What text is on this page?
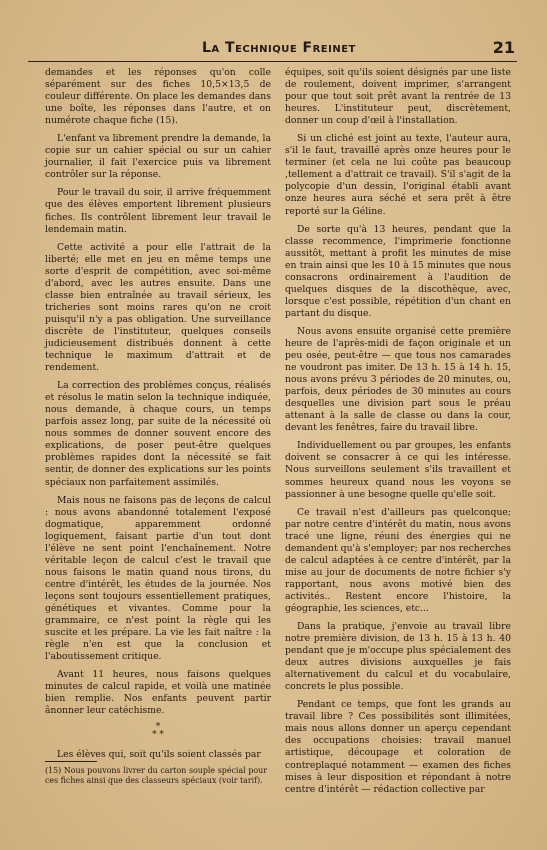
La Technique Freinet	21

demandes et les réponses qu'on colle séparément sur des fiches 10,5×13,5 de couleur différente. On place les demandes dans une boîte, les réponses dans l'autre, et on numérote chaque fiche (15).

L'enfant va librement prendre la demande, la copie sur un cahier spécial ou sur un cahier journalier, il fait l'exercice puis va librement contrôler sur la réponse.

Pour le travail du soir, il arrive fréquemment que des élèves emportent librement plusieurs fiches. Ils contrôlent librement leur travail le lendemain matin.

Cette activité a pour elle l'attrait de la liberté; elle met en jeu en même temps une sorte d'esprit de compétition, avec soi-même d'abord, avec les autres ensuite. Dans une classe bien entraînée au travail sérieux, les tricheries sont moins rares qu'on ne croit puisqu'il n'y a pas obligation. Une surveillance discrète de l'instituteur, quelques conseils judicieusement distribués donnent à cette technique le maximum d'attrait et de rendement.

La correction des problèmes conçus, réalisés et résolus le matin selon la technique indiquée, nous demande, à chaque cours, un temps parfois assez long, par suite de la nécessité où nous sommes de donner souvent encore des explications, de poser peut-être quelques problèmes rapides dont la nécessité se fait sentir, de donner des explications sur les points spéciaux non parfaitement assimilés.

Mais nous ne faisons pas de leçons de calcul : nous avons abandonné totalement l'exposé dogmatique, apparemment ordonné logiquement, faisant partie d'un tout dont l'élève ne sent point l'enchaînement. Notre véritable leçon de calcul c'est le travail que nous faisons le matin quand nous tirons, du centre d'intérêt, les études de la journée. Nos leçons sont toujours essentiellement pratiques, génétiques et vivantes. Comme pour la grammaire, ce n'est point la règle qui les suscite et les prépare. La vie les fait naître : la règle n'en est que la conclusion et l'aboutissement critique.

Avant 11 heures, nous faisons quelques minutes de calcul rapide, et voilà une matinée bien remplie. Nos enfants peuvent partir ânonner leur catéchisme.

*
* *

Les élèves qui, soit qu'ils soient classés par

équipes, soit qu'ils soient désignés par une liste de roulement, doivent imprimer, s'arrangent pour que tout soit prêt avant la rentrée de 13 heures. L'instituteur peut, discrètement, donner un coup d'œil à l'installation.

Si un cliché est joint au texte, l'auteur aura, s'il le faut, travaillé après onze heures pour le terminer (et cela ne lui coûte pas beaucoup ,tellement a d'attrait ce travail). S'il s'agit de la polycopie d'un dessin, l'original établi avant onze heures aura séché et sera prêt à être reporté sur la Géline.

De sorte qu'à 13 heures, pendant que la classe recommence, l'imprimerie fonctionne aussitôt, mettant à profit les minutes de mise en train ainsi que les 10 à 15 minutes que nous consacrons ordinairement à l'audition de quelques disques de la discothèque, avec, lorsque c'est possible, répétition d'un chant en partant du disque.

Nous avons ensuite organisé cette première heure de l'après-midi de façon originale et un peu osée, peut-être — que tous nos camarades ne voudront pas imiter. De 13 h. 15 à 14 h. 15, nous avons prévu 3 périodes de 20 minutes, ou, parfois, deux périodes de 30 minutes au cours desquelles une division part sous le préau attenant à la salle de classe ou dans la cour, devant les fenêtres, faire du travail libre.

Individuellement ou par groupes, les enfants doivent se consacrer à ce qui les intéresse. Nous surveillons seulement s'ils travaillent et sommes heureux quand nous les voyons se passionner à une besogne quelle qu'elle soit.

Ce travail n'est d'ailleurs pas quelconque; par notre centre d'intérêt du matin, nous avons tracé une ligne, réuni des énergies qui ne demandent qu'à s'employer; par nos recherches de calcul adaptées à ce centre d'intérêt, par la mise au jour de documents de notre fichier s'y rapportant, nous avons motivé bien des activités.. Restent encore l'histoire, la géographie, les sciences, etc...

Dans la pratique, j'envoie au travail libre notre première division, de 13 h. 15 à 13 h. 40 pendant que je m'occupe plus spécialement des deux autres divisions auxquelles je fais alternativement du calcul et du vocabulaire, concrets le plus possible.

Pendant ce temps, que font les grands au travail libre ? Ces possibilités sont illimitées, mais nous allons donner un aperçu cependant des occupations choisies: travail manuel artistique, découpage et coloration de contreplaqué notamment — examen des fiches mises à leur disposition et répondant à notre centre d'intérêt — rédaction collective par

(15) Nous pouvons livrer du carton souple spécial pour ces fiches ainsi que des classeurs spéciaux (voir tarif).
